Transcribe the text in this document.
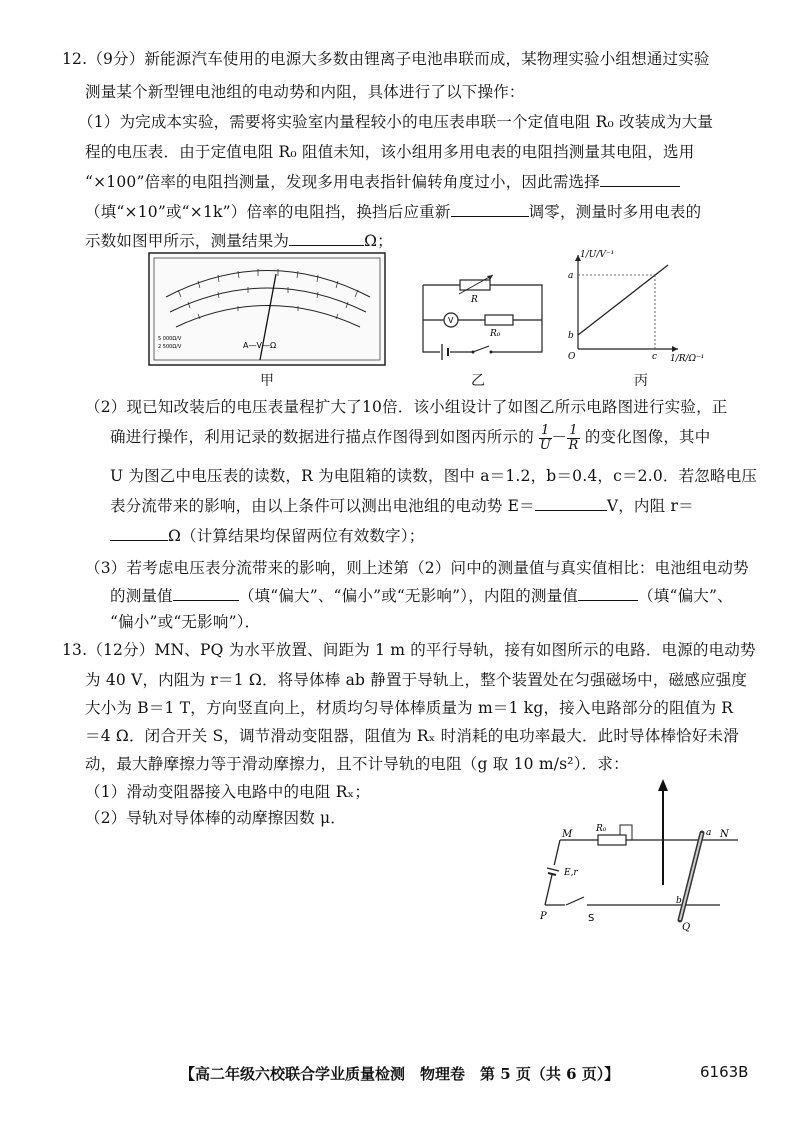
12.（9分）新能源汽车使用的电源大多数由锂离子电池串联而成，某物理实验小组想通过实验
测量某个新型锂电池组的电动势和内阻，具体进行了以下操作：
（1）为完成本实验，需要将实验室内量程较小的电压表串联一个定值电阻 R₀ 改装成为大量
程的电压表．由于定值电阻 R₀ 阻值未知，该小组用多用电表的电阻挡测量其电阻，选用
“×100”倍率的电阻挡测量，发现多用电表指针偏转角度过小，因此需选择
（填“×10”或“×1k”）倍率的电阻挡，换挡后应重新	调零，测量时多用电表的
示数如图甲所示，测量结果为	Ω；
A—V—Ω
5 000Ω/V
2 500Ω/V
甲
R
V
R₀
乙
1/U/V⁻¹
1/R/Ω⁻¹
a
b
c
O
丙
（2）现已知改装后的电压表量程扩大了10倍．该小组设计了如图乙所示电路图进行实验，正
确进行操作，利用记录的数据进行描点作图得到如图丙所示的 $\frac{1}{U} - \frac{1}{R}$ 的变化图像，其中
U 为图乙中电压表的读数，R 为电阻箱的读数，图中 a＝1.2，b＝0.4，c＝2.0．若忽略电压
表分流带来的影响，由以上条件可以测出电池组的电动势 E＝	V，内阻 r＝
Ω（计算结果均保留两位有效数字）；
（3）若考虑电压表分流带来的影响，则上述第（2）问中的测量值与真实值相比：电池组电动势
的测量值	（填“偏大”、“偏小”或“无影响”），内阻的测量值	（填“偏大”、
“偏小”或“无影响”）．
13.（12分）MN、PQ 为水平放置、间距为 1 m 的平行导轨，接有如图所示的电路．电源的电动势
为 40 V，内阻为 r＝1 Ω．将导体棒 ab 静置于导轨上，整个装置处在匀强磁场中，磁感应强度
大小为 B＝1 T，方向竖直向上，材质均匀导体棒质量为 m＝1 kg，接入电路部分的阻值为 R
＝4 Ω．闭合开关 S，调节滑动变阻器，阻值为 Rₓ 时消耗的电功率最大．此时导体棒恰好未滑
动，最大静摩擦力等于滑动摩擦力，且不计导轨的电阻（g 取 10 m/s²）．求：
（1）滑动变阻器接入电路中的电阻 Rₓ；
（2）导轨对导体棒的动摩擦因数 μ．
R₀
E,r
S
M	N
P
Q
a
b
【高二年级六校联合学业质量检测　物理卷　第 5 页（共 6 页）】	6163B
